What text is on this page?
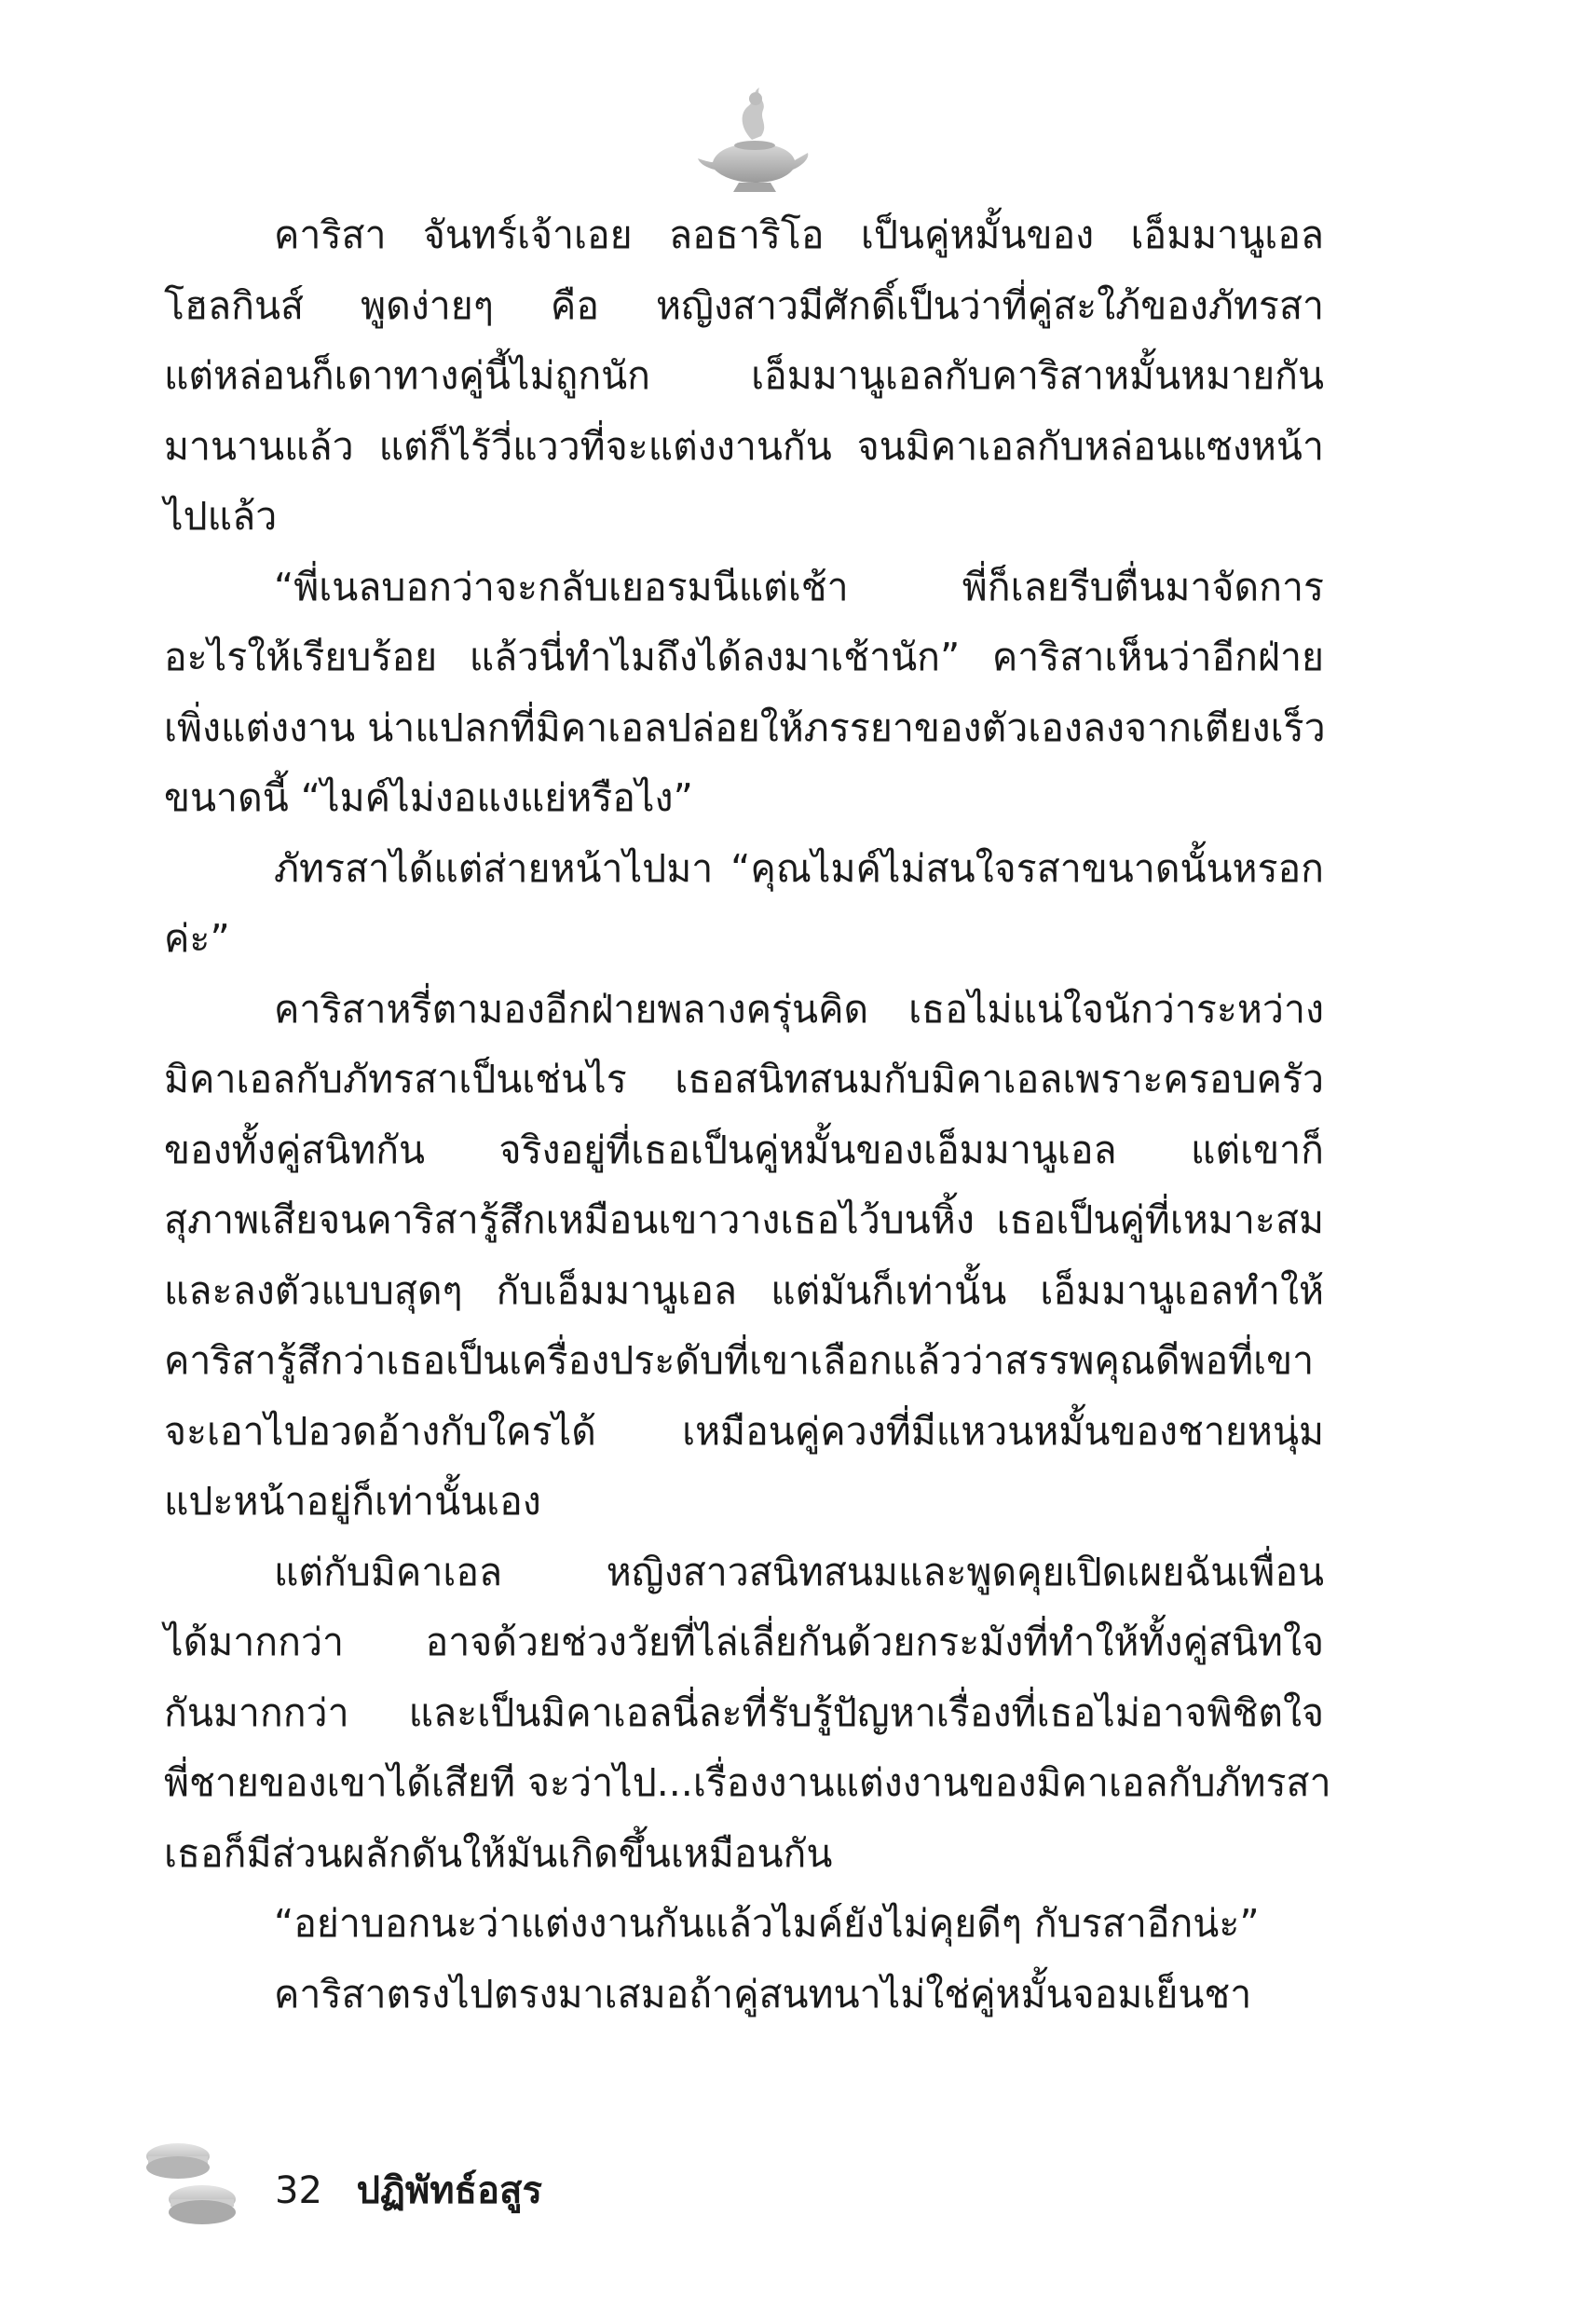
คาริสา จันทร์เจ้าเอย ลอธาริโอ เป็นคู่หมั้นของ เอ็มมานูเอล
โฮลกินส์ พูดง่ายๆ คือ หญิงสาวมีศักดิ์เป็นว่าที่คู่สะใภ้ของภัทรสา
แต่หล่อนก็เดาทางคู่นี้ไม่ถูกนัก เอ็มมานูเอลกับคาริสาหมั้นหมายกัน
มานานแล้ว แต่ก็ไร้วี่แววที่จะแต่งงานกัน จนมิคาเอลกับหล่อนแซงหน้า
ไปแล้ว
“พี่เนลบอกว่าจะกลับเยอรมนีแต่เช้า พี่ก็เลยรีบตื่นมาจัดการ
อะไรให้เรียบร้อย แล้วนี่ทำไมถึงได้ลงมาเช้านัก” คาริสาเห็นว่าอีกฝ่าย
เพิ่งแต่งงาน น่าแปลกที่มิคาเอลปล่อยให้ภรรยาของตัวเองลงจากเตียงเร็ว
ขนาดนี้ “ไมค์ไม่งอแงแย่หรือไง”
ภัทรสาได้แต่ส่ายหน้าไปมา “คุณไมค์ไม่สนใจรสาขนาดนั้นหรอก
ค่ะ”
คาริสาหรี่ตามองอีกฝ่ายพลางครุ่นคิด เธอไม่แน่ใจนักว่าระหว่าง
มิคาเอลกับภัทรสาเป็นเช่นไร เธอสนิทสนมกับมิคาเอลเพราะครอบครัว
ของทั้งคู่สนิทกัน จริงอยู่ที่เธอเป็นคู่หมั้นของเอ็มมานูเอล แต่เขาก็
สุภาพเสียจนคาริสารู้สึกเหมือนเขาวางเธอไว้บนหิ้ง เธอเป็นคู่ที่เหมาะสม
และลงตัวแบบสุดๆ กับเอ็มมานูเอล แต่มันก็เท่านั้น เอ็มมานูเอลทำให้
คาริสารู้สึกว่าเธอเป็นเครื่องประดับที่เขาเลือกแล้วว่าสรรพคุณดีพอที่เขา
จะเอาไปอวดอ้างกับใครได้ เหมือนคู่ควงที่มีแหวนหมั้นของชายหนุ่ม
แปะหน้าอยู่ก็เท่านั้นเอง
แต่กับมิคาเอล หญิงสาวสนิทสนมและพูดคุยเปิดเผยฉันเพื่อน
ได้มากกว่า อาจด้วยช่วงวัยที่ไล่เลี่ยกันด้วยกระมังที่ทำให้ทั้งคู่สนิทใจ
กันมากกว่า และเป็นมิคาเอลนี่ละที่รับรู้ปัญหาเรื่องที่เธอไม่อาจพิชิตใจ
พี่ชายของเขาได้เสียที จะว่าไป...เรื่องงานแต่งงานของมิคาเอลกับภัทรสา
เธอก็มีส่วนผลักดันให้มันเกิดขึ้นเหมือนกัน
“อย่าบอกนะว่าแต่งงานกันแล้วไมค์ยังไม่คุยดีๆ กับรสาอีกน่ะ”
คาริสาตรงไปตรงมาเสมอถ้าคู่สนทนาไม่ใช่คู่หมั้นจอมเย็นชา
32 ปฏิพัทธ์อสูร
